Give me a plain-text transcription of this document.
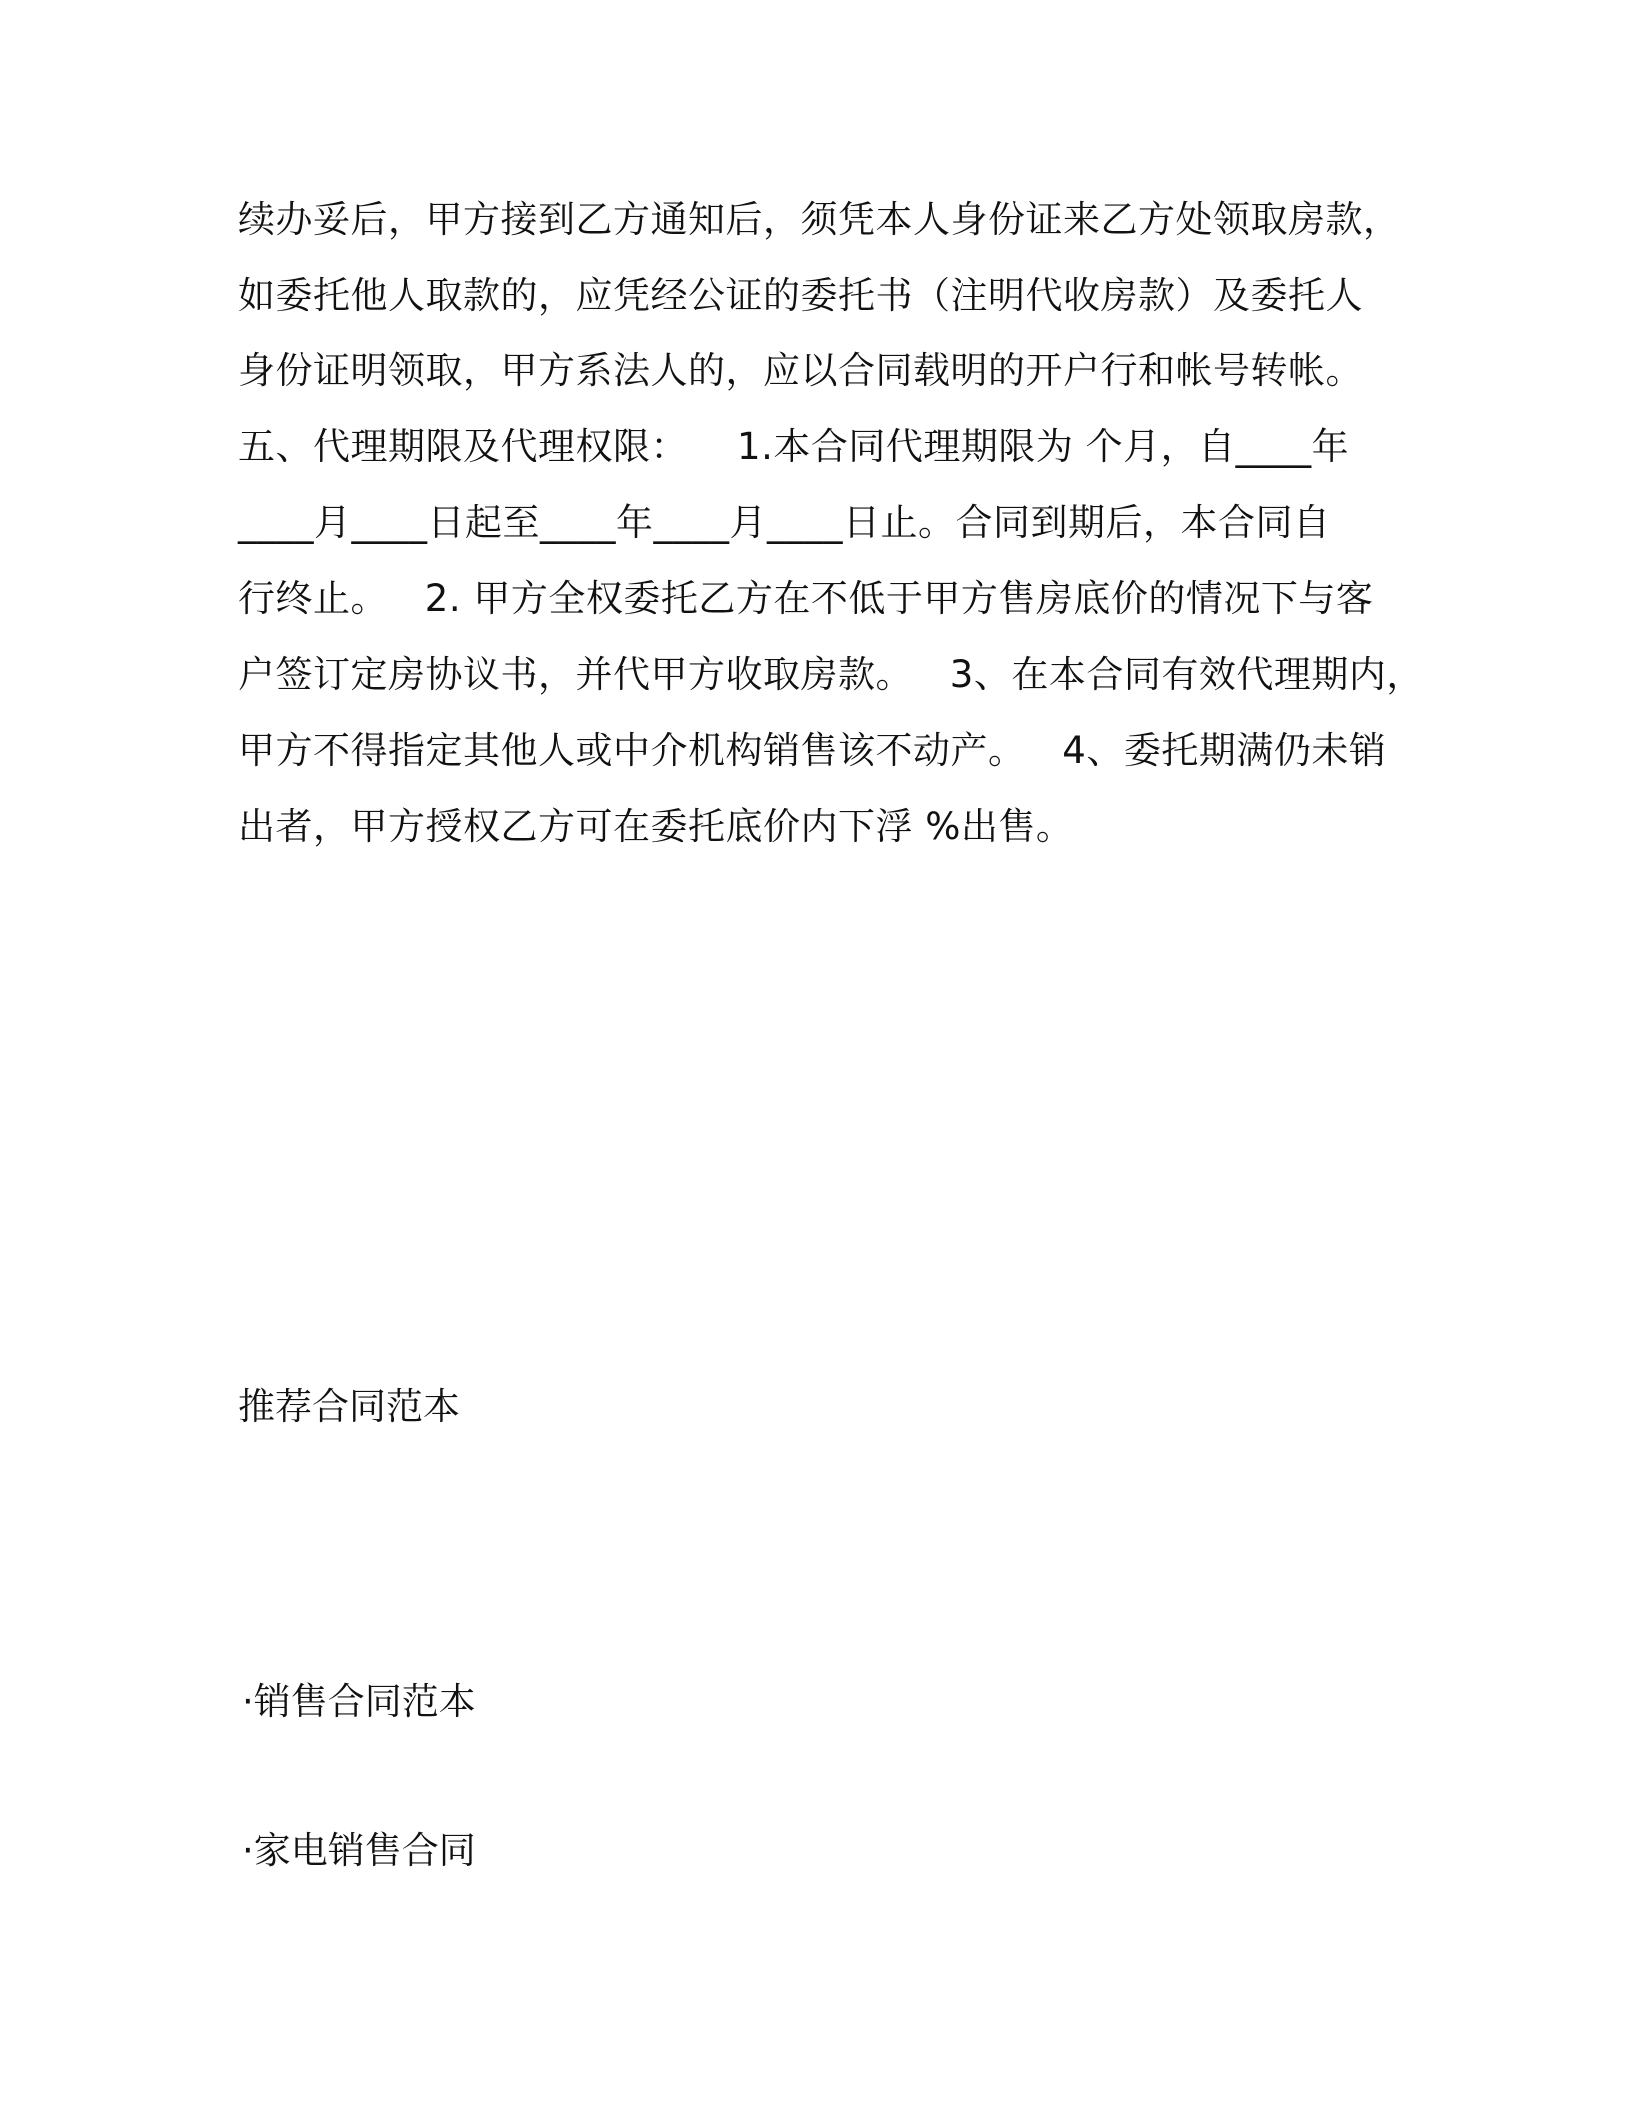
续办妥后，甲方接到乙方通知后，须凭本人身份证来乙方处领取房款，
如委托他人取款的，应凭经公证的委托书（注明代收房款）及委托人
身份证明领取，甲方系法人的，应以合同载明的开户行和帐号转帐。
五、代理期限及代理权限：    1.本合同代理期限为 个月，自____年
____月____日起至____年____月____日止。合同到期后，本合同自
行终止。   2. 甲方全权委托乙方在不低于甲方售房底价的情况下与客
户签订定房协议书，并代甲方收取房款。   3、在本合同有效代理期内，
甲方不得指定其他人或中介机构销售该不动产。   4、委托期满仍未销
出者，甲方授权乙方可在委托底价内下浮 %出售。
推荐合同范本
·销售合同范本
·家电销售合同
